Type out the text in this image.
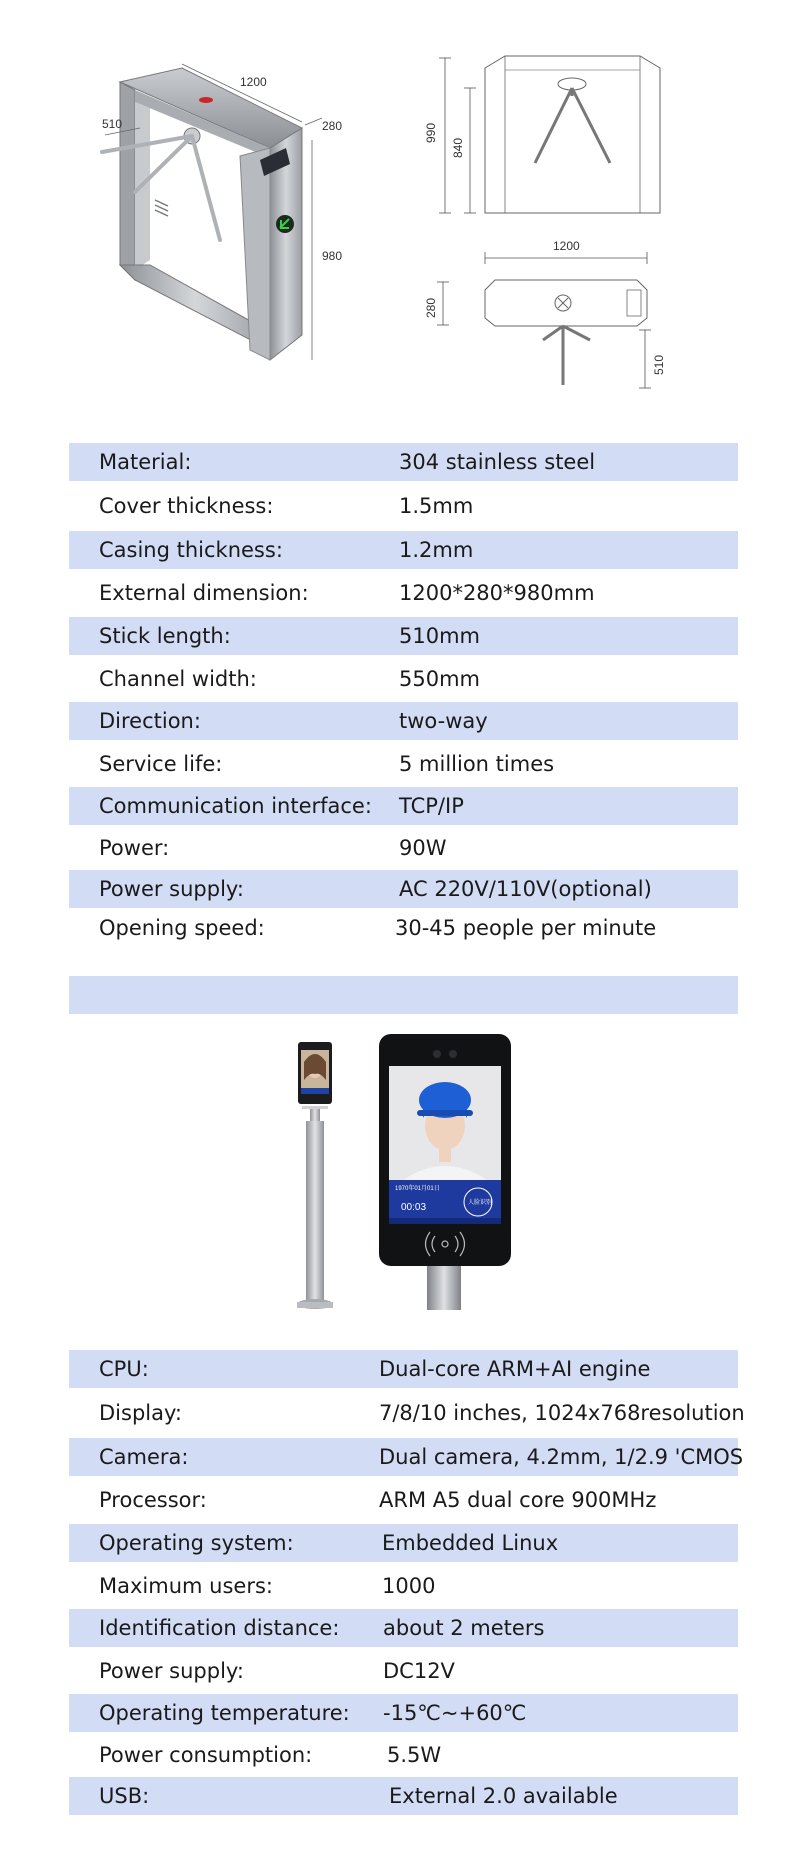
1200
280
510
980
990
840
1200
280
510
Material:	304 stainless steel
Cover thickness:	1.5mm
Casing thickness:	1.2mm
External dimension:	1200*280*980mm
Stick length:	510mm
Channel width:	550mm
Direction:	two-way
Service life:	5 million times
Communication interface: TCP/IP
Power:	90W
Power supply:	AC 220V/110V(optional)
Opening speed:	30-45 people per minute
1970年01月01日
00:03	人脸识别
CPU:	Dual-core ARM+AI engine
Display:	7/8/10 inches, 1024x768resolution
Camera:	Dual camera, 4.2mm, 1/2.9 'CMOS
Processor:	ARM A5 dual core 900MHz
Operating system:	Embedded Linux
Maximum users:	1000
Identification distance: about 2 meters
Power supply:	DC12V
Operating temperature: -15℃~+60℃
Power consumption:	5.5W
USB:	External 2.0 available
